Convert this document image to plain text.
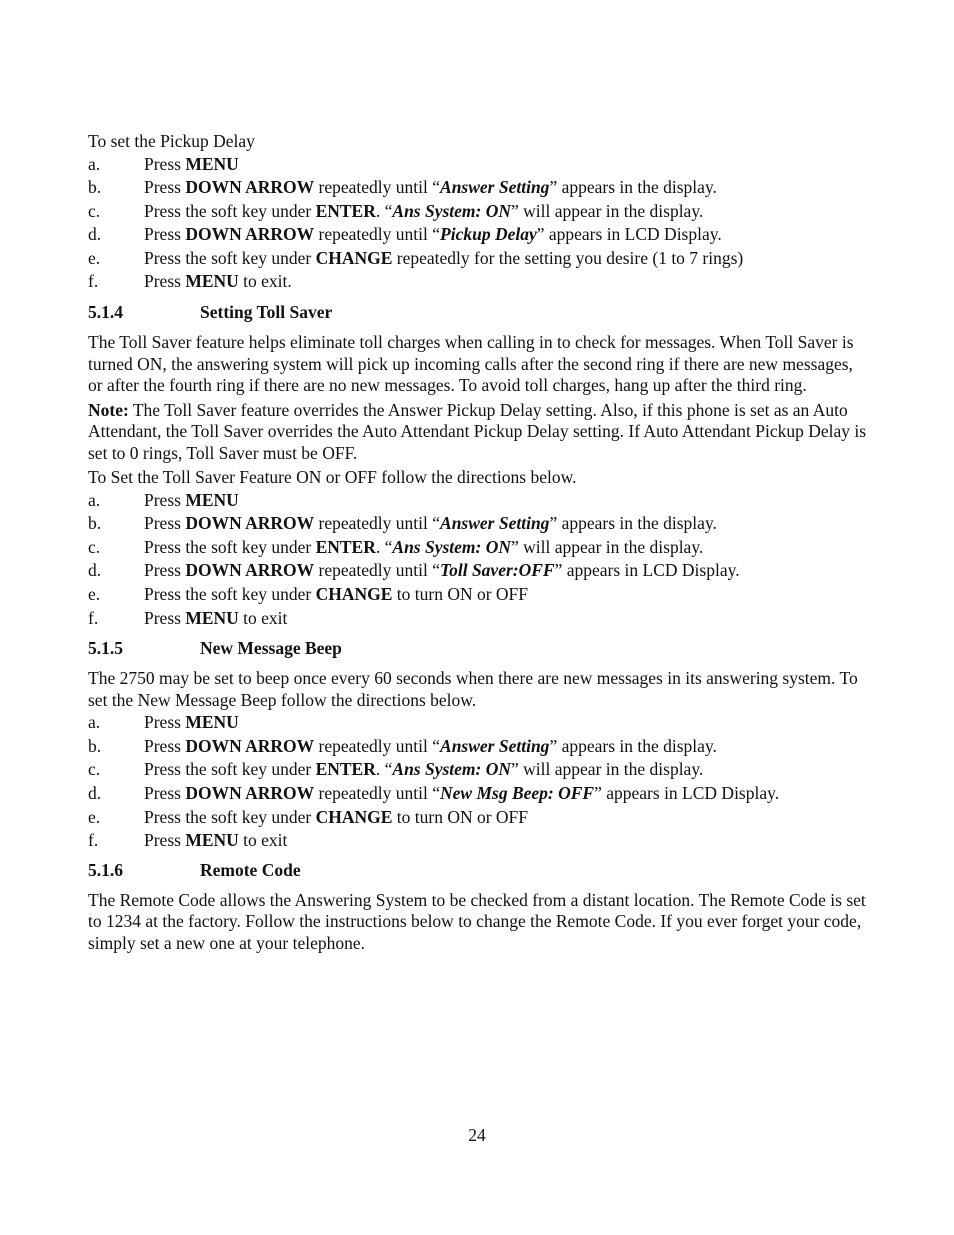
To set the Pickup Delay

a.	Press MENU
b.	Press DOWN ARROW repeatedly until “Answer Setting” appears in the display.
c.	Press the soft key under ENTER. “Ans System: ON” will appear in the display.
d.	Press DOWN ARROW repeatedly until “Pickup Delay” appears in LCD Display.
e.	Press the soft key under CHANGE repeatedly for the setting you desire (1 to 7 rings)
f.	Press MENU to exit.
5.1.4	Setting Toll Saver

The Toll Saver feature helps eliminate toll charges when calling in to check for messages. When Toll Saver is turned ON, the answering system will pick up incoming calls after the second ring if there are new messages, or after the fourth ring if there are no new messages. To avoid toll charges, hang up after the third ring.

Note: The Toll Saver feature overrides the Answer Pickup Delay setting. Also, if this phone is set as an Auto Attendant, the Toll Saver overrides the Auto Attendant Pickup Delay setting. If Auto Attendant Pickup Delay is set to 0 rings, Toll Saver must be OFF.

To Set the Toll Saver Feature ON or OFF follow the directions below.

a.	Press MENU
b.	Press DOWN ARROW repeatedly until “Answer Setting” appears in the display.
c.	Press the soft key under ENTER. “Ans System: ON” will appear in the display.
d.	Press DOWN ARROW repeatedly until “Toll Saver:OFF” appears in LCD Display.
e.	Press the soft key under CHANGE to turn ON or OFF
f.	Press MENU to exit
5.1.5	New Message Beep

The 2750 may be set to beep once every 60 seconds when there are new messages in its answering system. To set the New Message Beep follow the directions below.

a.	Press MENU
b.	Press DOWN ARROW repeatedly until “Answer Setting” appears in the display.
c.	Press the soft key under ENTER. “Ans System: ON” will appear in the display.
d.	Press DOWN ARROW repeatedly until “New Msg Beep: OFF” appears in LCD Display.
e.	Press the soft key under CHANGE to turn ON or OFF
f.	Press MENU to exit
5.1.6	Remote Code

The Remote Code allows the Answering System to be checked from a distant location. The Remote Code is set to 1234 at the factory. Follow the instructions below to change the Remote Code. If you ever forget your code, simply set a new one at your telephone.

24
